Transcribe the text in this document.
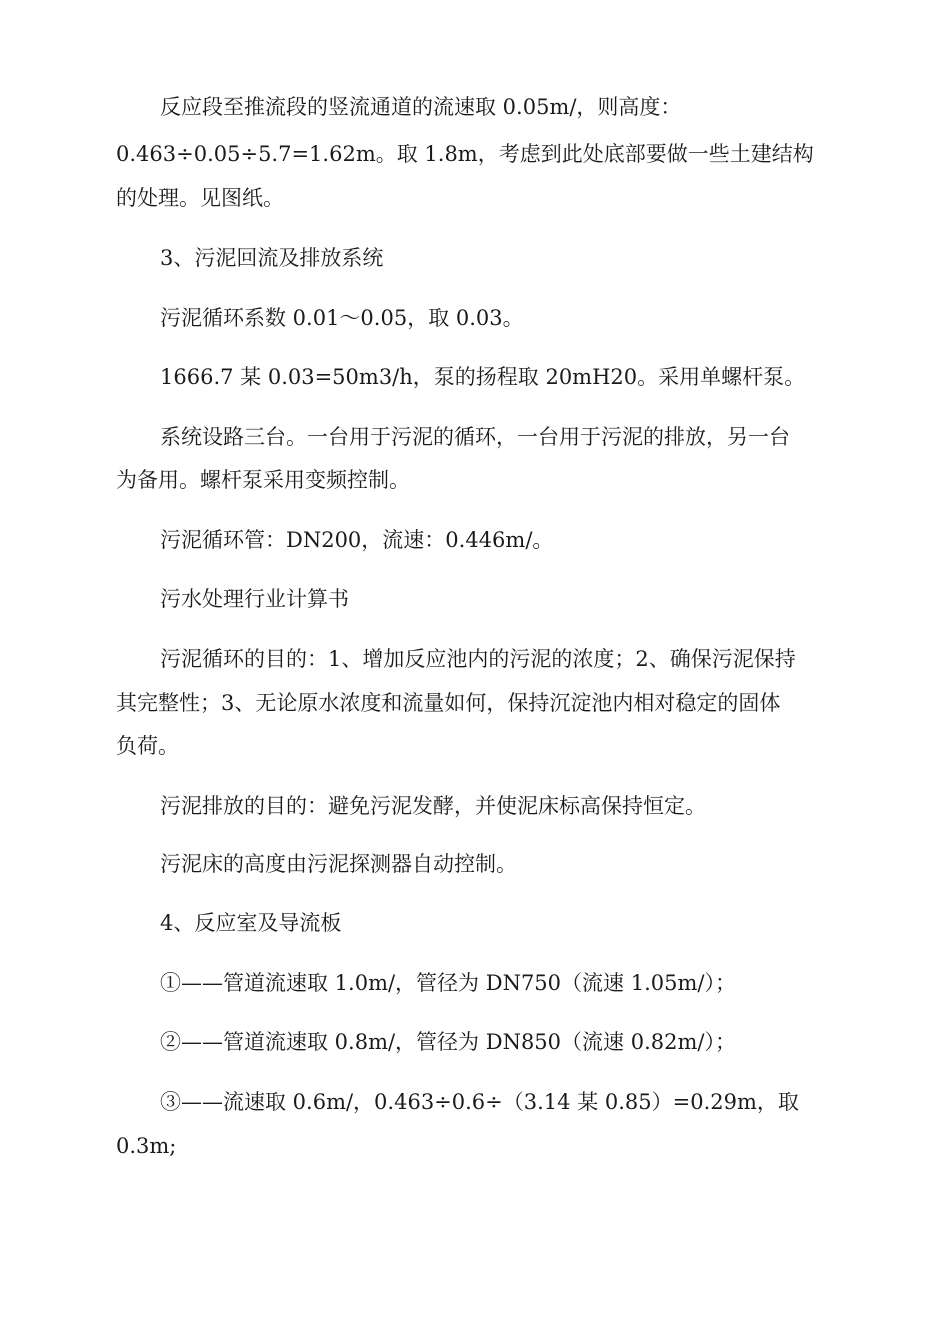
反应段至推流段的竖流通道的流速取 0.05m/，则高度：
0.463÷0.05÷5.7=1.62m。取 1.8m，考虑到此处底部要做一些土建结构
的处理。见图纸。
3、污泥回流及排放系统
污泥循环系数 0.01～0.05，取 0.03。
1666.7 某 0.03=50m3/h，泵的扬程取 20mH20。采用单螺杆泵。
系统设路三台。一台用于污泥的循环，一台用于污泥的排放，另一台
为备用。螺杆泵采用变频控制。
污泥循环管：DN200，流速：0.446m/。
污水处理行业计算书
污泥循环的目的：1、增加反应池内的污泥的浓度；2、确保污泥保持
其完整性；3、无论原水浓度和流量如何，保持沉淀池内相对稳定的固体
负荷。
污泥排放的目的：避免污泥发酵，并使泥床标高保持恒定。
污泥床的高度由污泥探测器自动控制。
4、反应室及导流板
①——管道流速取 1.0m/，管径为 DN750（流速 1.05m/）；
②——管道流速取 0.8m/，管径为 DN850（流速 0.82m/）；
③——流速取 0.6m/，0.463÷0.6÷（3.14 某 0.85）=0.29m，取
0.3m;
